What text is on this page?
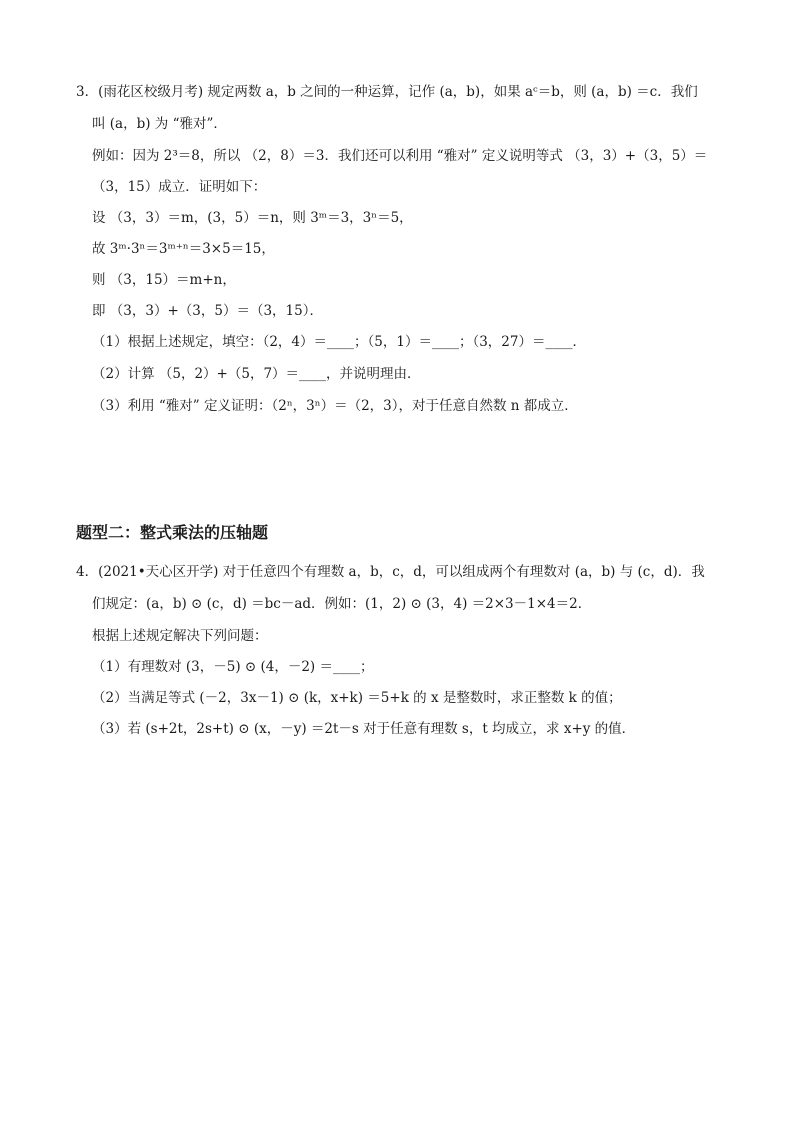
3．(雨花区校级月考) 规定两数 a，b 之间的一种运算，记作 (a，b)，如果 aᶜ＝b，则 (a，b) ＝c．我们
叫 (a，b) 为 “雅对”．
例如：因为 2³＝8，所以 （2，8）＝3．我们还可以利用 “雅对” 定义说明等式 （3，3）+（3，5）＝
（3，15）成立．证明如下：
设 （3，3）＝m，(3，5）＝n，则 3ᵐ＝3，3ⁿ＝5，
故 3ᵐ·3ⁿ＝3ᵐ⁺ⁿ＝3×5＝15，
则 （3，15）＝m+n，
即 （3，3）+（3，5）＝（3，15）．
（1）根据上述规定，填空：（2，4）＝____；（5，1）＝____；（3，27）＝____．
（2）计算 （5，2）+（5，7）＝____，并说明理由．
（3）利用 “雅对” 定义证明：（2ⁿ，3ⁿ）＝（2，3），对于任意自然数 n 都成立．
题型二：整式乘法的压轴题
4．(2021•天心区开学) 对于任意四个有理数 a，b，c，d，可以组成两个有理数对 (a，b) 与 (c，d)．我
们规定：(a，b) ⊙ (c，d) ＝bc－ad．例如：(1，2) ⊙ (3，4) ＝2×3－1×4＝2．
根据上述规定解决下列问题：
（1）有理数对 (3，－5) ⊙ (4，－2) ＝____；
（2）当满足等式 (－2，3x－1) ⊙ (k，x+k) ＝5+k 的 x 是整数时，求正整数 k 的值；
（3）若 (s+2t，2s+t) ⊙ (x，－y) ＝2t－s 对于任意有理数 s，t 均成立，求 x+y 的值．
